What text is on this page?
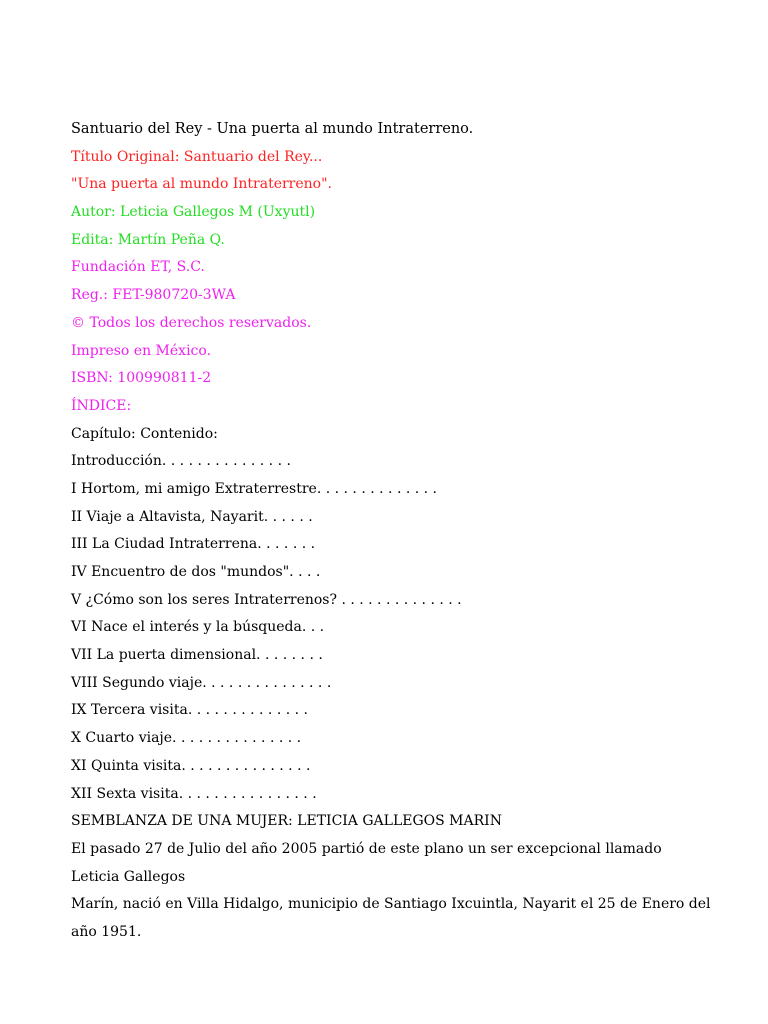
Santuario del Rey - Una puerta al mundo Intraterreno.
Título Original: Santuario del Rey...
"Una puerta al mundo Intraterreno".
Autor: Leticia Gallegos M (Uxyutl)
Edita: Martín Peña Q.
Fundación ET, S.C.
Reg.: FET-980720-3WA
© Todos los derechos reservados.
Impreso en México.
ISBN: 100990811-2
ÍNDICE:
Capítulo: Contenido:
Introducción. . . . . . . . . . . . . . .
I Hortom, mi amigo Extraterrestre. . . . . . . . . . . . . .
II Viaje a Altavista, Nayarit. . . . . .
III La Ciudad Intraterrena. . . . . . .
IV Encuentro de dos "mundos". . . .
V ¿Cómo son los seres Intraterrenos? . . . . . . . . . . . . . .
VI Nace el interés y la búsqueda. . .
VII La puerta dimensional. . . . . . . .
VIII Segundo viaje. . . . . . . . . . . . . . .
IX Tercera visita. . . . . . . . . . . . . .
X Cuarto viaje. . . . . . . . . . . . . . .
XI Quinta visita. . . . . . . . . . . . . . .
XII Sexta visita. . . . . . . . . . . . . . . .
SEMBLANZA DE UNA MUJER: LETICIA GALLEGOS MARIN
El pasado 27 de Julio del año 2005 partió de este plano un ser excepcional llamado Leticia Gallegos
Marín, nació en Villa Hidalgo, municipio de Santiago Ixcuintla, Nayarit el 25 de Enero del año 1951.
